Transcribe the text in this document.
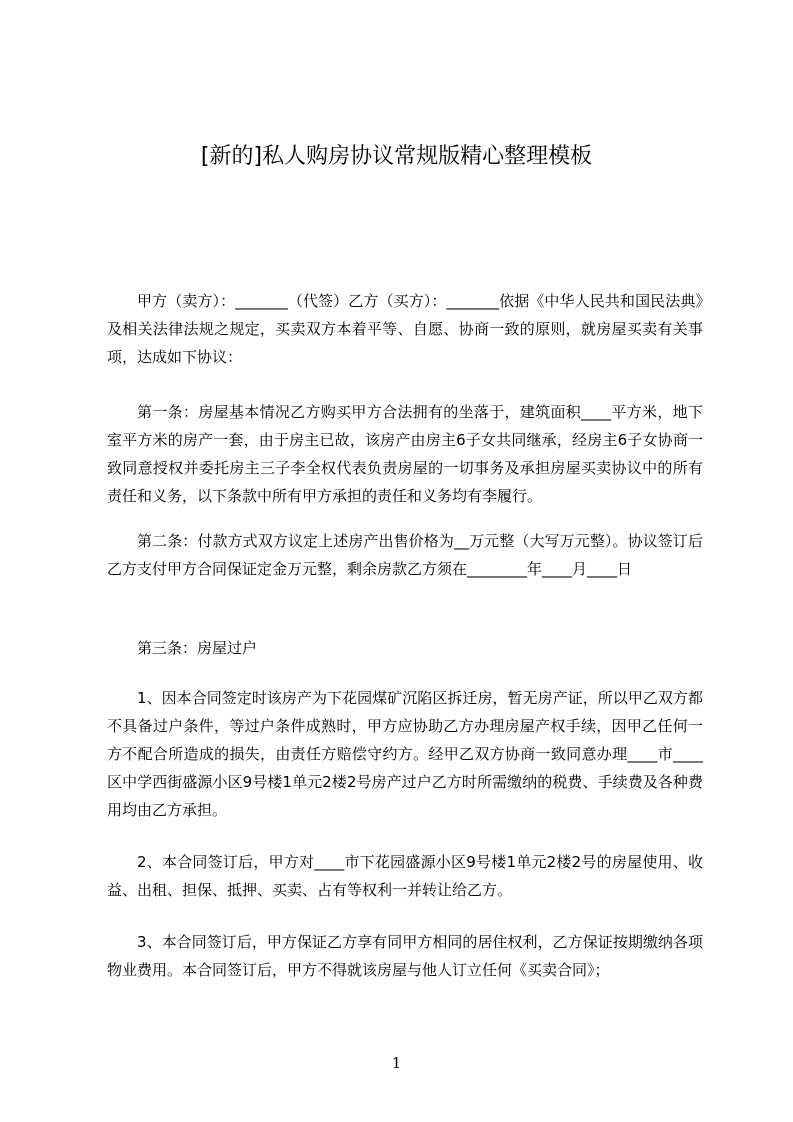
[新的]私人购房协议常规版精心整理模板

甲方（卖方）：_______（代签）乙方（买方）：_______依据《中华人民共和国民法典》及相关法律法规之规定，买卖双方本着平等、自愿、协商一致的原则，就房屋买卖有关事项，达成如下协议：

第一条：房屋基本情况乙方购买甲方合法拥有的坐落于，建筑面积____平方米，地下室平方米的房产一套，由于房主已故，该房产由房主6子女共同继承，经房主6子女协商一致同意授权并委托房主三子李全权代表负责房屋的一切事务及承担房屋买卖协议中的所有责任和义务，以下条款中所有甲方承担的责任和义务均有李履行。

第二条：付款方式双方议定上述房产出售价格为__万元整（大写万元整）。协议签订后乙方支付甲方合同保证定金万元整，剩余房款乙方须在________年____月____日

第三条：房屋过户

1、因本合同签定时该房产为下花园煤矿沉陷区拆迁房，暂无房产证，所以甲乙双方都不具备过户条件，等过户条件成熟时，甲方应协助乙方办理房屋产权手续，因甲乙任何一方不配合所造成的损失，由责任方赔偿守约方。经甲乙双方协商一致同意办理____市____区中学西街盛源小区9号楼1单元2楼2号房产过户乙方时所需缴纳的税费、手续费及各种费用均由乙方承担。

2、本合同签订后，甲方对____市下花园盛源小区9号楼1单元2楼2号的房屋使用、收益、出租、担保、抵押、买卖、占有等权利一并转让给乙方。

3、本合同签订后，甲方保证乙方享有同甲方相同的居住权利，乙方保证按期缴纳各项物业费用。本合同签订后，甲方不得就该房屋与他人订立任何《买卖合同》；

1
